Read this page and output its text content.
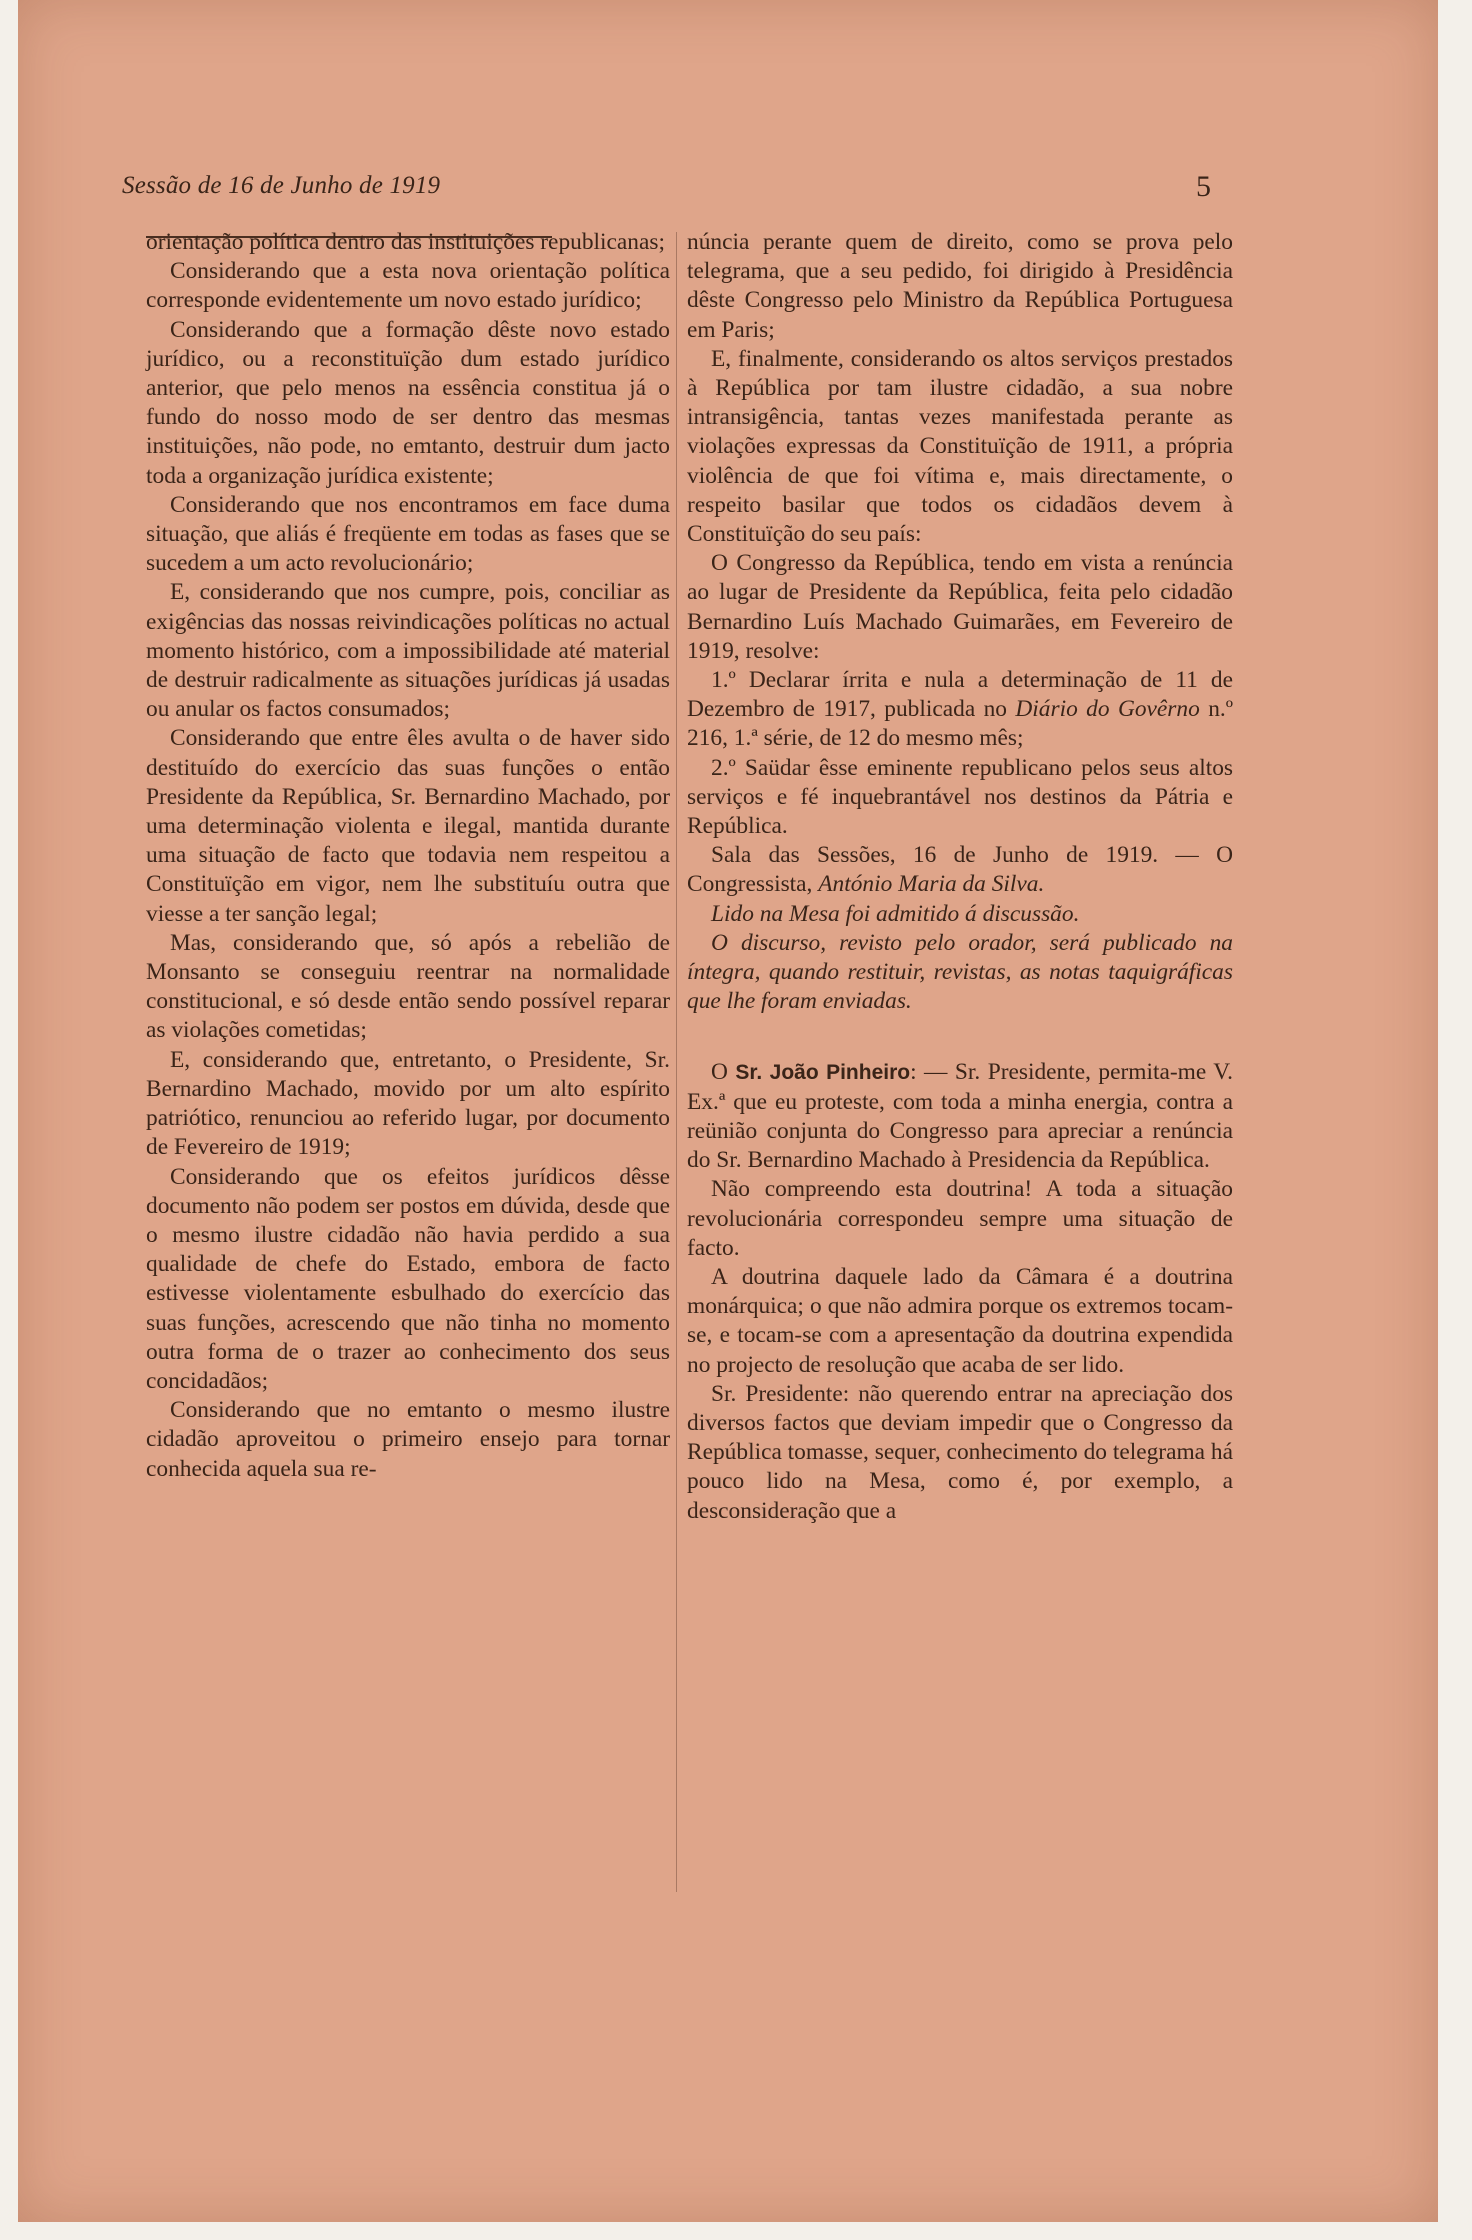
Sessão de 16 de Junho de 1919	5

orientação política dentro das instituições republicanas;

Considerando que a esta nova orientação política corresponde evidentemente um novo estado jurídico;

Considerando que a formação dêste novo estado jurídico, ou a reconstituïção dum estado jurídico anterior, que pelo menos na essência constitua já o fundo do nosso modo de ser dentro das mesmas instituições, não pode, no emtanto, destruir dum jacto toda a organização jurídica existente;

Considerando que nos encontramos em face duma situação, que aliás é freqüente em todas as fases que se sucedem a um acto revolucionário;

E, considerando que nos cumpre, pois, conciliar as exigências das nossas reivindicações políticas no actual momento histórico, com a impossibilidade até material de destruir radicalmente as situações jurídicas já usadas ou anular os factos consumados;

Considerando que entre êles avulta o de haver sido destituído do exercício das suas funções o então Presidente da República, Sr. Bernardino Machado, por uma determinação violenta e ilegal, mantida durante uma situação de facto que todavia nem respeitou a Constituïção em vigor, nem lhe substituíu outra que viesse a ter sanção legal;

Mas, considerando que, só após a rebelião de Monsanto se conseguiu reentrar na normalidade constitucional, e só desde então sendo possível reparar as violações cometidas;

E, considerando que, entretanto, o Presidente, Sr. Bernardino Machado, movido por um alto espírito patriótico, renunciou ao referido lugar, por documento de Fevereiro de 1919;

Considerando que os efeitos jurídicos dêsse documento não podem ser postos em dúvida, desde que o mesmo ilustre cidadão não havia perdido a sua qualidade de chefe do Estado, embora de facto estivesse violentamente esbulhado do exercício das suas funções, acrescendo que não tinha no momento outra forma de o trazer ao conhecimento dos seus concidadãos;

Considerando que no emtanto o mesmo ilustre cidadão aproveitou o primeiro ensejo para tornar conhecida aquela sua re-

núncia perante quem de direito, como se prova pelo telegrama, que a seu pedido, foi dirigido à Presidência dêste Congresso pelo Ministro da República Portuguesa em Paris;

E, finalmente, considerando os altos serviços prestados à República por tam ilustre cidadão, a sua nobre intransigência, tantas vezes manifestada perante as violações expressas da Constituïção de 1911, a própria violência de que foi vítima e, mais directamente, o respeito basilar que todos os cidadãos devem à Constituïção do seu país:

O Congresso da República, tendo em vista a renúncia ao lugar de Presidente da República, feita pelo cidadão Bernardino Luís Machado Guimarães, em Fevereiro de 1919, resolve:

1.º Declarar írrita e nula a determinação de 11 de Dezembro de 1917, publicada no Diário do Govêrno n.º 216, 1.ª série, de 12 do mesmo mês;

2.º Saüdar êsse eminente republicano pelos seus altos serviços e fé inquebrantável nos destinos da Pátria e República.

Sala das Sessões, 16 de Junho de 1919. — O Congressista, António Maria da Silva.

Lido na Mesa foi admitido á discussão.

O discurso, revisto pelo orador, será publicado na íntegra, quando restituir, revistas, as notas taquigráficas que lhe foram enviadas.

O Sr. João Pinheiro: — Sr. Presidente, permita-me V. Ex.ª que eu proteste, com toda a minha energia, contra a reünião conjunta do Congresso para apreciar a renúncia do Sr. Bernardino Machado à Presidencia da República.

Não compreendo esta doutrina! A toda a situação revolucionária correspondeu sempre uma situação de facto.

A doutrina daquele lado da Câmara é a doutrina monárquica; o que não admira porque os extremos tocam-se, e tocam-se com a apresentação da doutrina expendida no projecto de resolução que acaba de ser lido.

Sr. Presidente: não querendo entrar na apreciação dos diversos factos que deviam impedir que o Congresso da República tomasse, sequer, conhecimento do telegrama há pouco lido na Mesa, como é, por exemplo, a desconsideração que a
